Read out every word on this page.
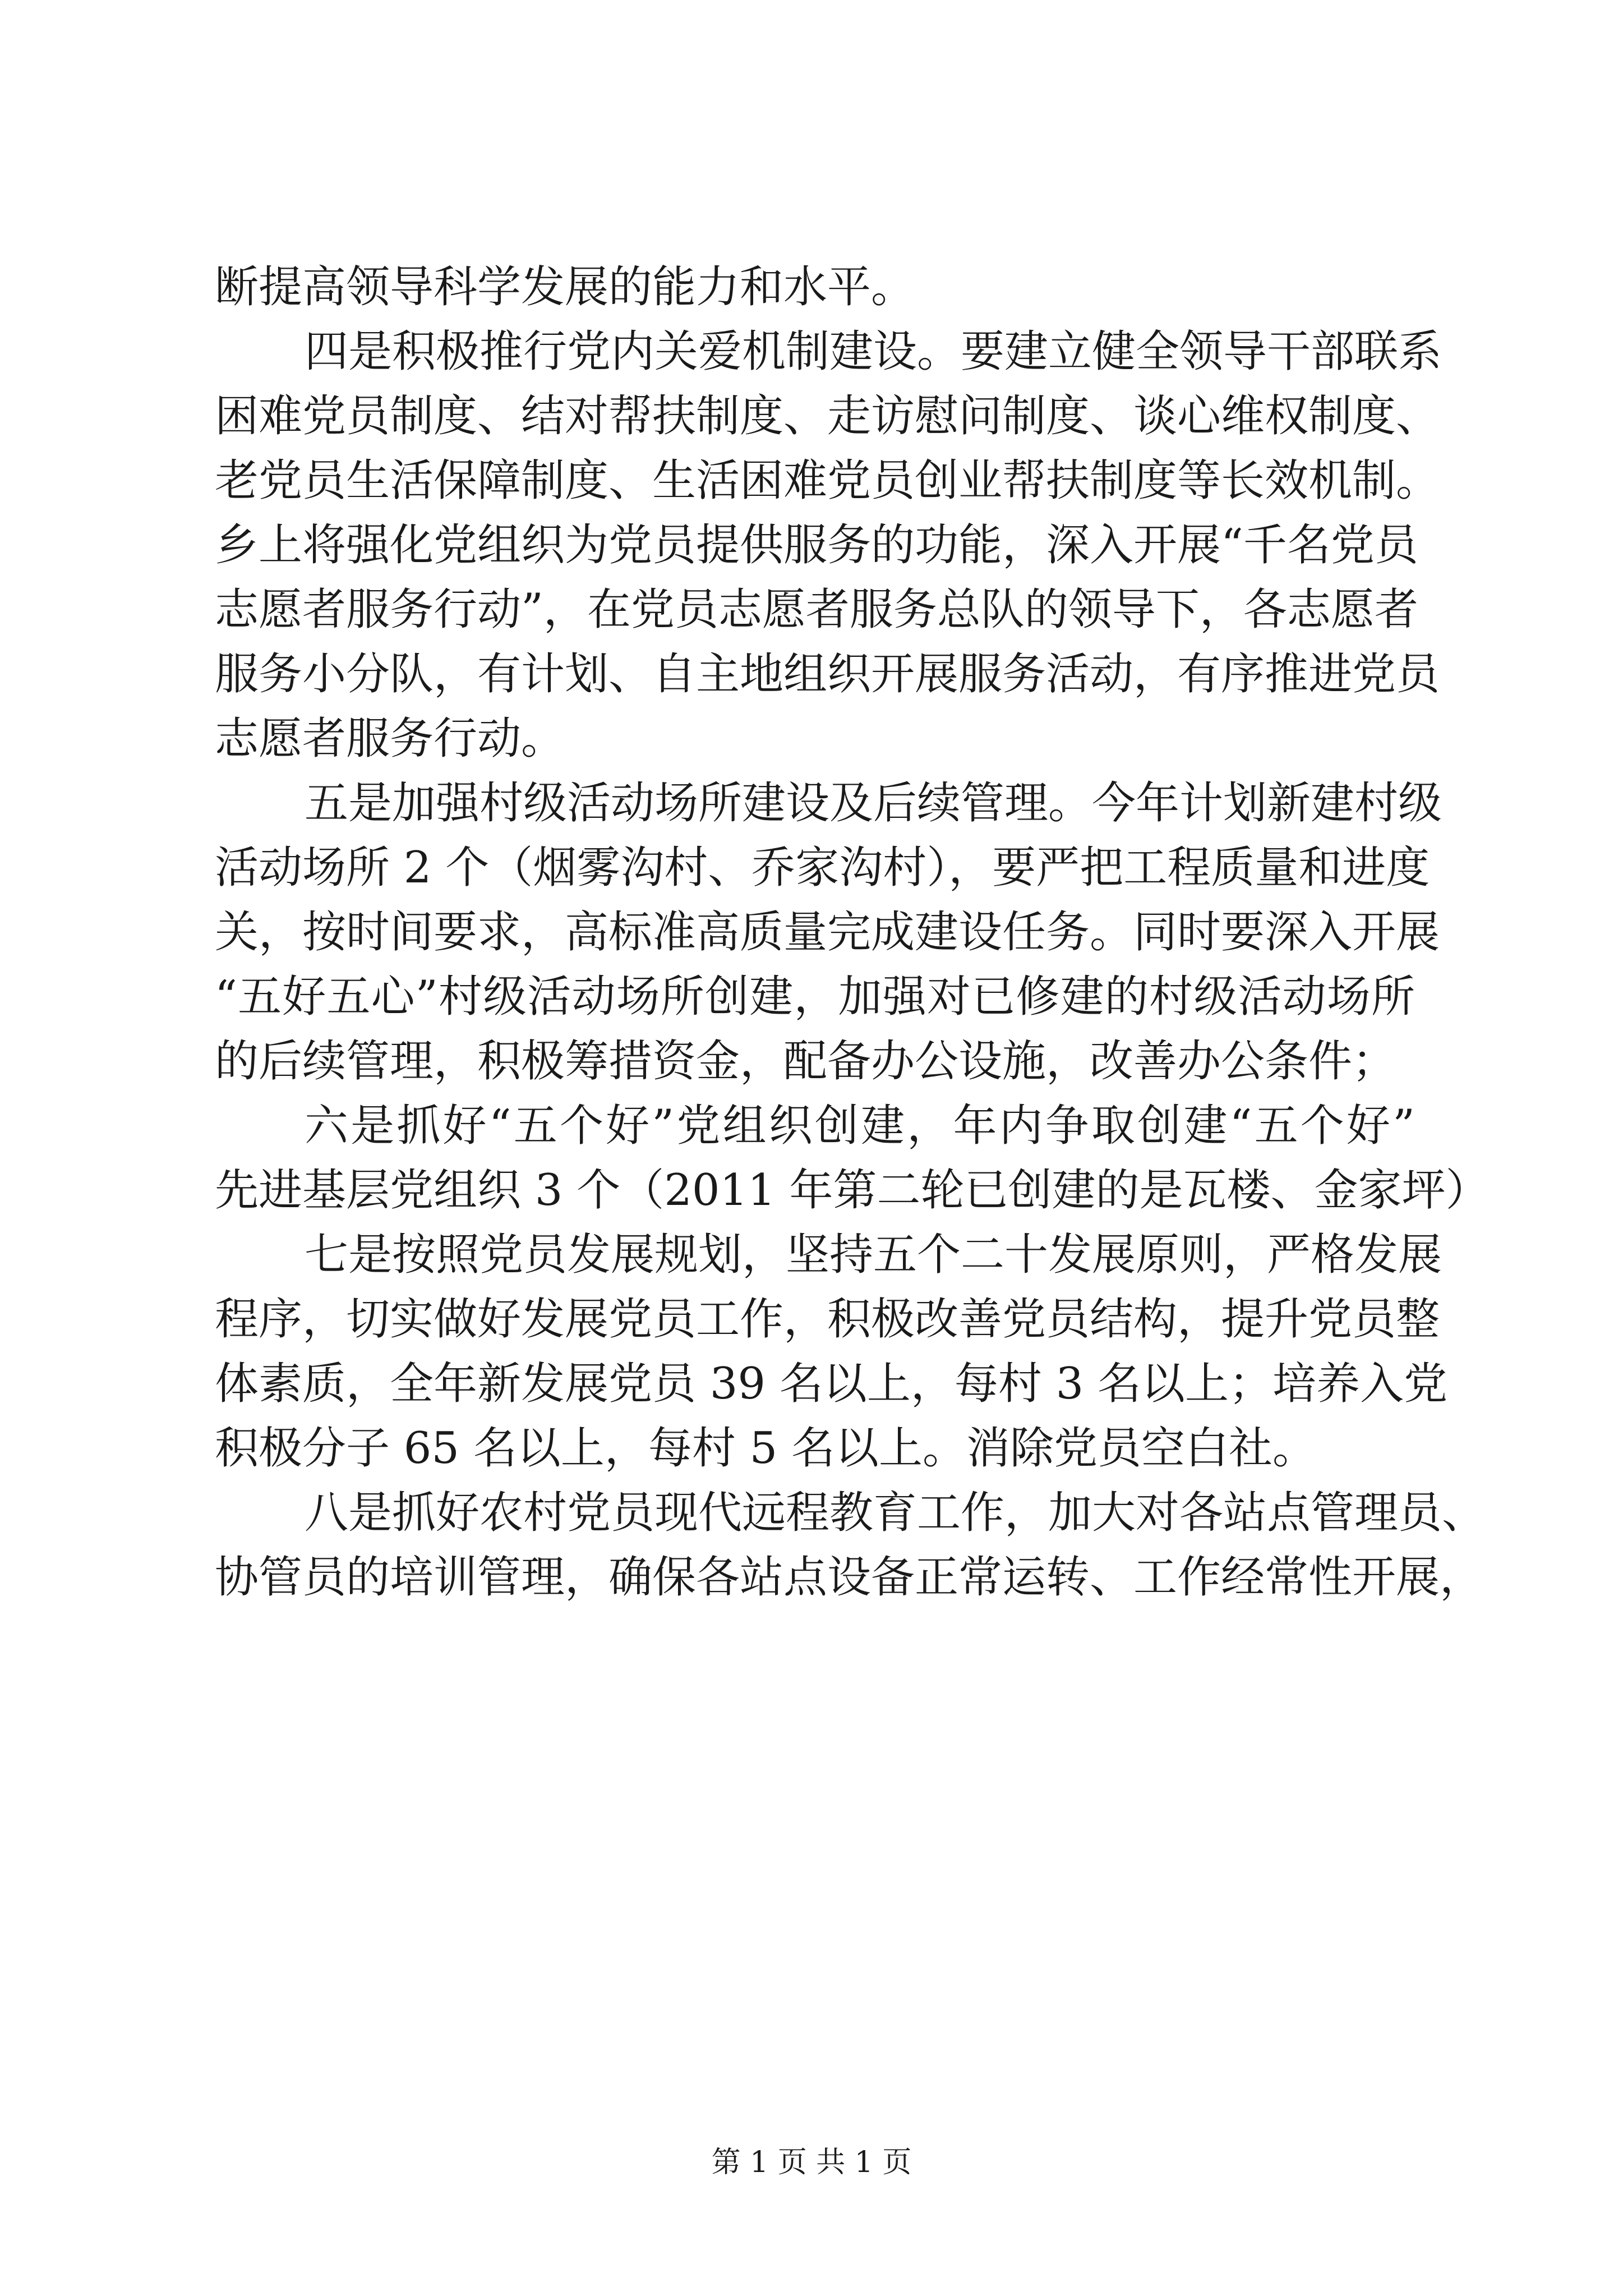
断提高领导科学发展的能力和水平。
四是积极推行党内关爱机制建设。要建立健全领导干部联系
困难党员制度、结对帮扶制度、走访慰问制度、谈心维权制度、
老党员生活保障制度、生活困难党员创业帮扶制度等长效机制。
乡上将强化党组织为党员提供服务的功能，深入开展“千名党员
志愿者服务行动”，在党员志愿者服务总队的领导下，各志愿者
服务小分队，有计划、自主地组织开展服务活动，有序推进党员
志愿者服务行动。
五是加强村级活动场所建设及后续管理。今年计划新建村级
活动场所 2 个（烟雾沟村、乔家沟村），要严把工程质量和进度
关，按时间要求，高标准高质量完成建设任务。同时要深入开展
“五好五心”村级活动场所创建，加强对已修建的村级活动场所
的后续管理，积极筹措资金，配备办公设施，改善办公条件；
六是抓好“五个好”党组织创建，年内争取创建“五个好”
先进基层党组织 3 个（2011 年第二轮已创建的是瓦楼、金家坪）
七是按照党员发展规划，坚持五个二十发展原则，严格发展
程序，切实做好发展党员工作，积极改善党员结构，提升党员整
体素质，全年新发展党员 39 名以上，每村 3 名以上；培养入党
积极分子 65 名以上，每村 5 名以上。消除党员空白社。
八是抓好农村党员现代远程教育工作，加大对各站点管理员、
协管员的培训管理，确保各站点设备正常运转、工作经常性开展，
第 1 页 共 1 页
